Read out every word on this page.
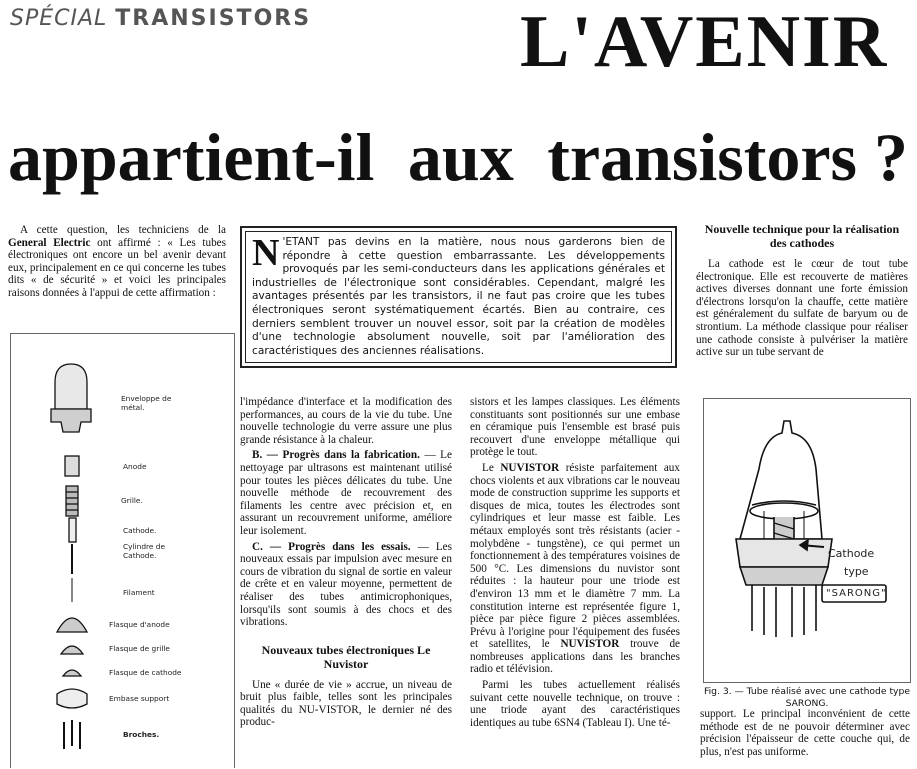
SPÉCIAL TRANSISTORS	L'AVENIR
appartient-il aux transistors ?

A cette question, les techniciens de la General Electric ont affirmé : « Les tubes électroniques ont encore un bel avenir devant eux, principalement en ce qui concerne les tubes dits « de sécurité » et voici les principales raisons données à l'appui de cette affirmation :

N 'ETANT pas devins en la matière, nous nous garderons bien de répondre à cette question embarrassante. Les développements provoqués par les semi-conducteurs dans les applications générales et industrielles de l'électronique sont considérables. Cependant, malgré les avantages présentés par les transistors, il ne faut pas croire que les tubes électroniques seront systématiquement écartés. Bien au contraire, ces derniers semblent trouver un nouvel essor, soit par la création de modèles d'une technologie absolument nouvelle, soit par l'amélioration des caractéristiques des anciennes réalisations.
Enveloppe de métal.
Anode
Grille.
Cathode.
Cylindre de Cathode.
Filament
Flasque d'anode
Flasque de grille
Flasque de cathode
Embase support
Broches.

l'impédance d'interface et la modification des performances, au cours de la vie du tube. Une nouvelle technologie du verre assure une plus grande résistance à la chaleur.

B. — Progrès dans la fabrication. — Le nettoyage par ultrasons est maintenant utilisé pour toutes les pièces délicates du tube. Une nouvelle méthode de recouvrement des filaments les centre avec précision et, en assurant un recouvrement uniforme, améliore leur isolement.

C. — Progrès dans les essais. — Les nouveaux essais par impulsion avec mesure en cours de vibration du signal de sortie en valeur de crête et en valeur moyenne, permettent de réaliser des tubes antimicrophoniques, lorsqu'ils sont soumis à des chocs et des vibrations.

Nouveaux tubes électroniques Le Nuvistor

Une « durée de vie » accrue, un niveau de bruit plus faible, telles sont les principales qualités du NU-VISTOR, le dernier né des produc-

sistors et les lampes classiques. Les éléments constituants sont positionnés sur une embase en céramique puis l'ensemble est brasé puis recouvert d'une enveloppe métallique qui protège le tout.

Le NUVISTOR résiste parfaitement aux chocs violents et aux vibrations car le nouveau mode de construction supprime les supports et disques de mica, toutes les électrodes sont cylindriques et leur masse est faible. Les métaux employés sont très résistants (acier - molybdène - tungstène), ce qui permet un fonctionnement à des températures voisines de 500 °C. Les dimensions du nuvistor sont réduites : la hauteur pour une triode est d'environ 13 mm et le diamètre 7 mm. La constitution interne est représentée figure 1, pièce par pièce figure 2 pièces assemblées. Prévu à l'origine pour l'équipement des fusées et satellites, le NUVISTOR trouve de nombreuses applications dans les branches radio et télévision.

Parmi les tubes actuellement réalisés suivant cette nouvelle technique, on trouve : une triode ayant des caractéristiques identiques au tube 6SN4 (Tableau I). Une té-

Nouvelle technique pour la réalisation des cathodes

La cathode est le cœur de tout tube électronique. Elle est recouverte de matières actives diverses donnant une forte émission d'électrons lorsqu'on la chauffe, cette matière est généralement du sulfate de baryum ou de strontium. La méthode classique pour réaliser une cathode consiste à pulvériser la matière active sur un tube servant de

Cathode
type
"SARONG"
Fig. 3. — Tube réalisé avec une cathode type SARONG.

support. Le principal inconvénient de cette méthode est de ne pouvoir déterminer avec précision l'épaisseur de cette couche qui, de plus, n'est pas uniforme.
